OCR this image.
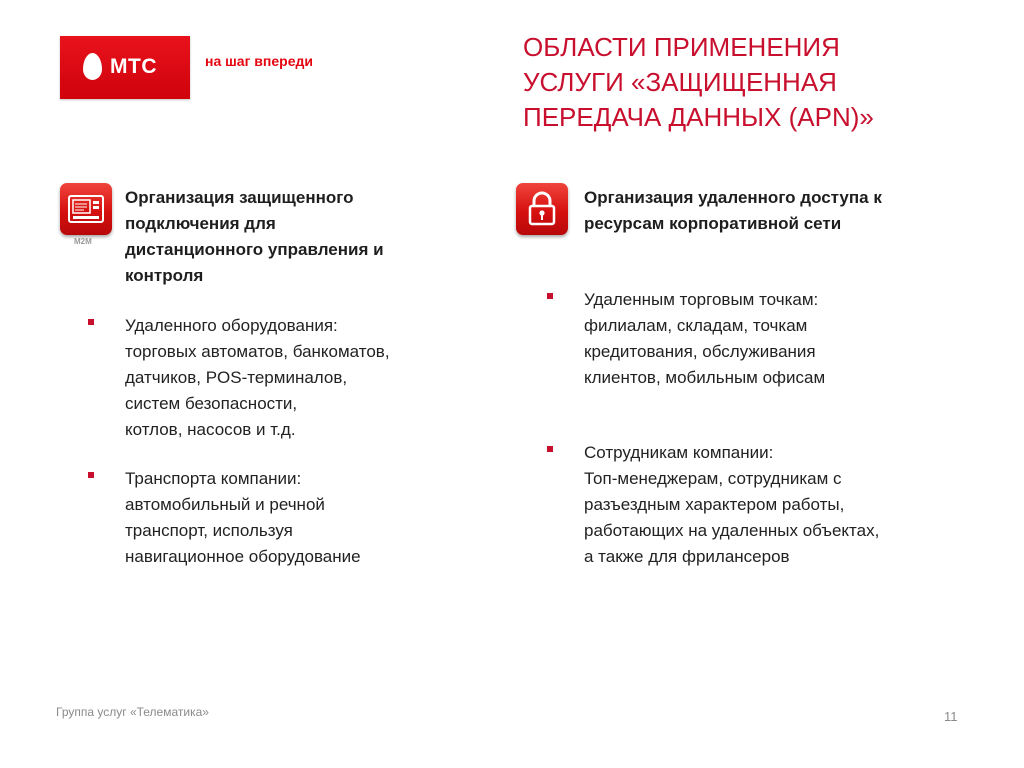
МТС	на шаг впереди	ОБЛАСТИ ПРИМЕНЕНИЯ
УСЛУГИ «ЗАЩИЩЕННАЯ
ПЕРЕДАЧА ДАННЫХ (APN)»
M2M
Организация защищенного
подключения для
дистанционного управления и
контроля
Удаленного оборудования:
торговых автоматов, банкоматов,
датчиков, POS-терминалов,
систем безопасности,
котлов, насосов и т.д.
Транспорта компании:
автомобильный и речной
транспорт, используя
навигационное оборудование
Организация удаленного доступа к
ресурсам корпоративной сети
Удаленным торговым точкам:
филиалам, складам, точкам
кредитования, обслуживания
клиентов, мобильным офисам
Сотрудникам компании:
Топ-менеджерам, сотрудникам с
разъездным характером работы,
работающих на удаленных объектах,
а также для фрилансеров
Группа услуг «Телематика»	11
